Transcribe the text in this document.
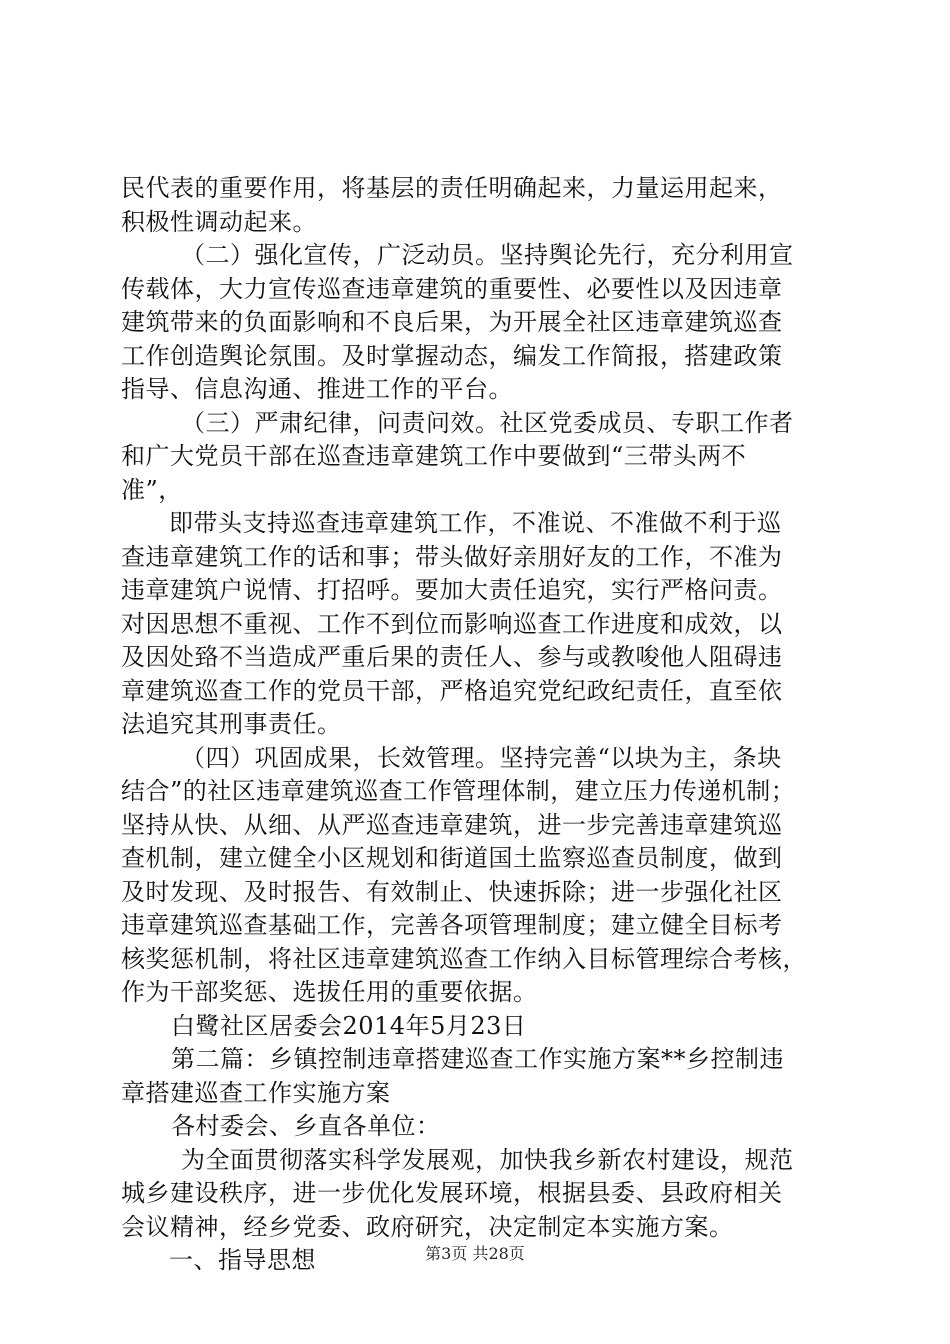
民代表的重要作用，将基层的责任明确起来，力量运用起来，
积极性调动起来。
（二）强化宣传，广泛动员。坚持舆论先行，充分利用宣
传载体，大力宣传巡查违章建筑的重要性、必要性以及因违章
建筑带来的负面影响和不良后果，为开展全社区违章建筑巡查
工作创造舆论氛围。及时掌握动态，编发工作简报，搭建政策
指导、信息沟通、推进工作的平台。
（三）严肃纪律，问责问效。社区党委成员、专职工作者
和广大党员干部在巡查违章建筑工作中要做到“三带头两不
准”，
即带头支持巡查违章建筑工作，不准说、不准做不利于巡
查违章建筑工作的话和事；带头做好亲朋好友的工作，不准为
违章建筑户说情、打招呼。要加大责任追究，实行严格问责。
对因思想不重视、工作不到位而影响巡查工作进度和成效，以
及因处臵不当造成严重后果的责任人、参与或教唆他人阻碍违
章建筑巡查工作的党员干部，严格追究党纪政纪责任，直至依
法追究其刑事责任。
（四）巩固成果，长效管理。坚持完善“以块为主，条块
结合”的社区违章建筑巡查工作管理体制，建立压力传递机制；
坚持从快、从细、从严巡查违章建筑，进一步完善违章建筑巡
查机制，建立健全小区规划和街道国土监察巡查员制度，做到
及时发现、及时报告、有效制止、快速拆除；进一步强化社区
违章建筑巡查基础工作，完善各项管理制度；建立健全目标考
核奖惩机制，将社区违章建筑巡查工作纳入目标管理综合考核，
作为干部奖惩、选拔任用的重要依据。
白鹭社区居委会2014年5月23日
第二篇：乡镇控制违章搭建巡查工作实施方案**乡控制违
章搭建巡查工作实施方案
各村委会、乡直各单位：
为全面贯彻落实科学发展观，加快我乡新农村建设，规范
城乡建设秩序，进一步优化发展环境，根据县委、县政府相关
会议精神，经乡党委、政府研究，决定制定本实施方案。
一、指导思想	第3页 共28页
